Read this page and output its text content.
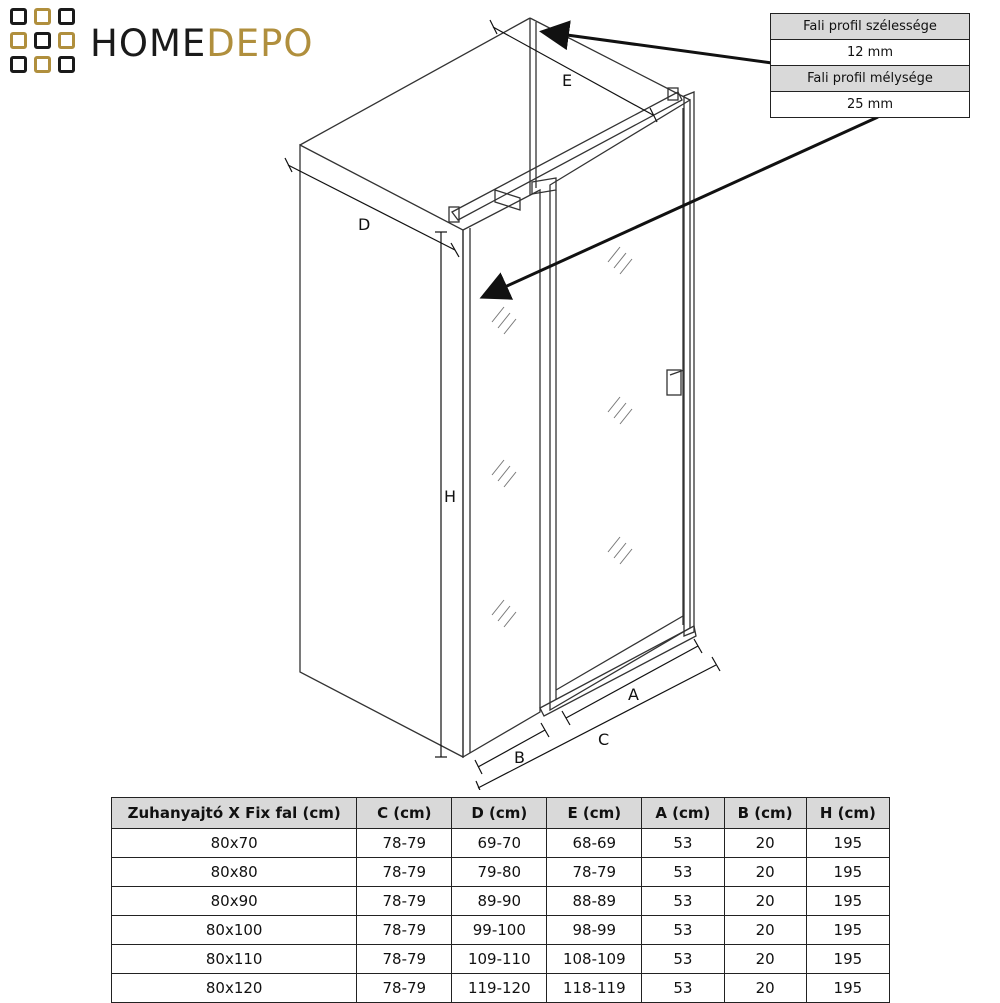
HOMEDEPO
E
D
H
A
B
C
Fali profil szélessége
12 mm
Fali profil mélysége
25 mm
Zuhanyajtó X Fix fal (cm)	C (cm)	D (cm)	E (cm)	A (cm)	B (cm)	H (cm)
80x70	78-79	69-70	68-69	53	20	195
80x80	78-79	79-80	78-79	53	20	195
80x90	78-79	89-90	88-89	53	20	195
80x100	78-79	99-100	98-99	53	20	195
80x110	78-79	109-110	108-109	53	20	195
80x120	78-79	119-120	118-119	53	20	195
